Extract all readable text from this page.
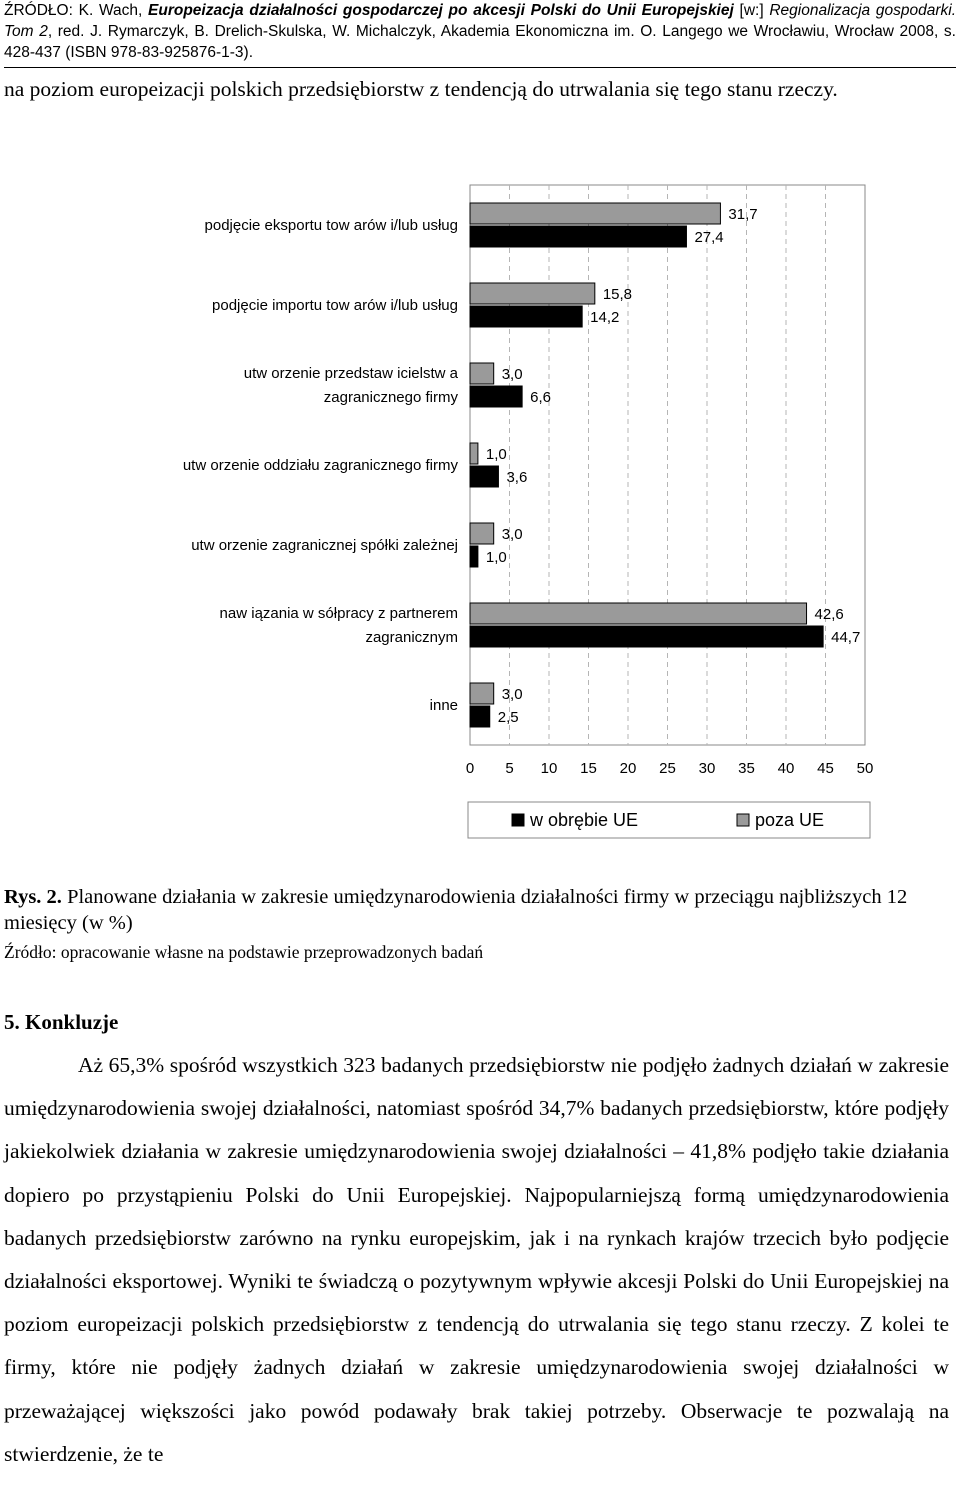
ŹRÓDŁO: K. Wach, Europeizacja działalności gospodarczej po akcesji Polski do Unii Europejskiej [w:] Regionalizacja gospodarki. Tom 2, red. J. Rymarczyk, B. Drelich-Skulska, W. Michalczyk, Akademia Ekonomiczna im. O. Langego we Wrocławiu, Wrocław 2008, s. 428-437 (ISBN 978-83-925876-1-3).
na poziom europeizacji polskich przedsiębiorstw z tendencją do utrwalania się tego stanu rzeczy.
0 5 10 15 20 25 30 35 40 45 50
podjęcie eksportu tow arów i/lub usług
31,7
27,4
podjęcie importu tow arów i/lub usług
15,8
14,2
utw orzenie przedstaw icielstw a
zagranicznego firmy
3,0
6,6
utw orzenie oddziału zagranicznego firmy
1,0
3,6
utw orzenie zagranicznej spółki zależnej
3,0
1,0
naw iązania w sółpracy z partnerem
zagranicznym
42,6
44,7
inne
3,0
2,5
w obrębie UE	poza UE
Rys. 2. Planowane działania w zakresie umiędzynarodowienia działalności firmy w przeciągu najbliższych 12 miesięcy (w %)
Źródło: opracowanie własne na podstawie przeprowadzonych badań
5. Konkluzje
Aż 65,3% spośród wszystkich 323 badanych przedsiębiorstw nie podjęło żadnych działań w zakresie umiędzynarodowienia swojej działalności, natomiast spośród 34,7% badanych przedsiębiorstw, które podjęły jakiekolwiek działania w zakresie umiędzynarodowienia swojej działalności – 41,8% podjęło takie działania dopiero po przystąpieniu Polski do Unii Europejskiej. Najpopularniejszą formą umiędzynarodowienia badanych przedsiębiorstw zarówno na rynku europejskim, jak i na rynkach krajów trzecich było podjęcie działalności eksportowej. Wyniki te świadczą o pozytywnym wpływie akcesji Polski do Unii Europejskiej na poziom europeizacji polskich przedsiębiorstw z tendencją do utrwalania się tego stanu rzeczy. Z kolei te firmy, które nie podjęły żadnych działań w zakresie umiędzynarodowienia swojej działalności w przeważającej większości jako powód podawały brak takiej potrzeby. Obserwacje te pozwalają na stwierdzenie, że te
